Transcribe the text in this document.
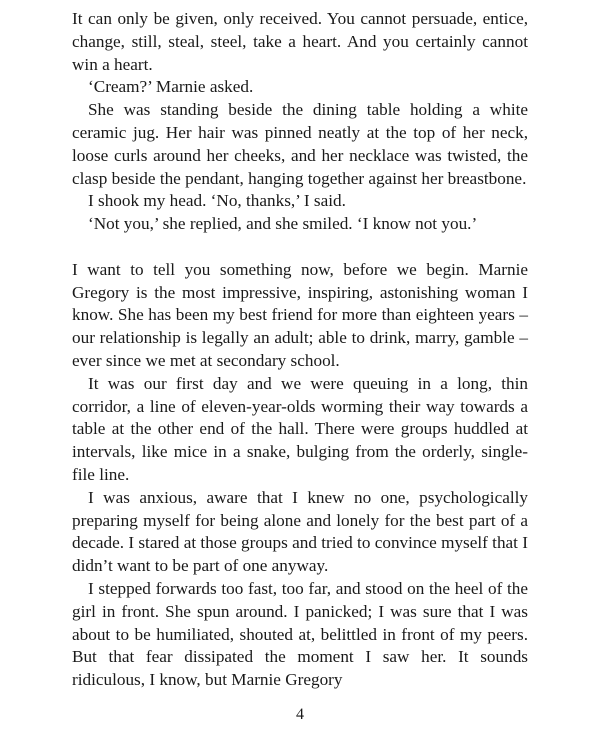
It can only be given, only received. You cannot persuade, entice, change, still, steal, steel, take a heart. And you certainly cannot win a heart.

‘Cream?’ Marnie asked.

She was standing beside the dining table holding a white ceramic jug. Her hair was pinned neatly at the top of her neck, loose curls around her cheeks, and her necklace was twisted, the clasp beside the pendant, hanging together against her breastbone.

I shook my head. ‘No, thanks,’ I said.

‘Not you,’ she replied, and she smiled. ‘I know not you.’

I want to tell you something now, before we begin. Marnie Gregory is the most impressive, inspiring, astonishing woman I know. She has been my best friend for more than eighteen years – our relationship is legally an adult; able to drink, marry, gamble – ever since we met at secondary school.

It was our first day and we were queuing in a long, thin corridor, a line of eleven-year-olds worming their way towards a table at the other end of the hall. There were groups huddled at intervals, like mice in a snake, bulging from the orderly, single-file line.

I was anxious, aware that I knew no one, psychologically preparing myself for being alone and lonely for the best part of a decade. I stared at those groups and tried to convince myself that I didn’t want to be part of one anyway.

I stepped forwards too fast, too far, and stood on the heel of the girl in front. She spun around. I panicked; I was sure that I was about to be humiliated, shouted at, belittled in front of my peers. But that fear dissipated the moment I saw her. It sounds ridiculous, I know, but Marnie Gregory

4
